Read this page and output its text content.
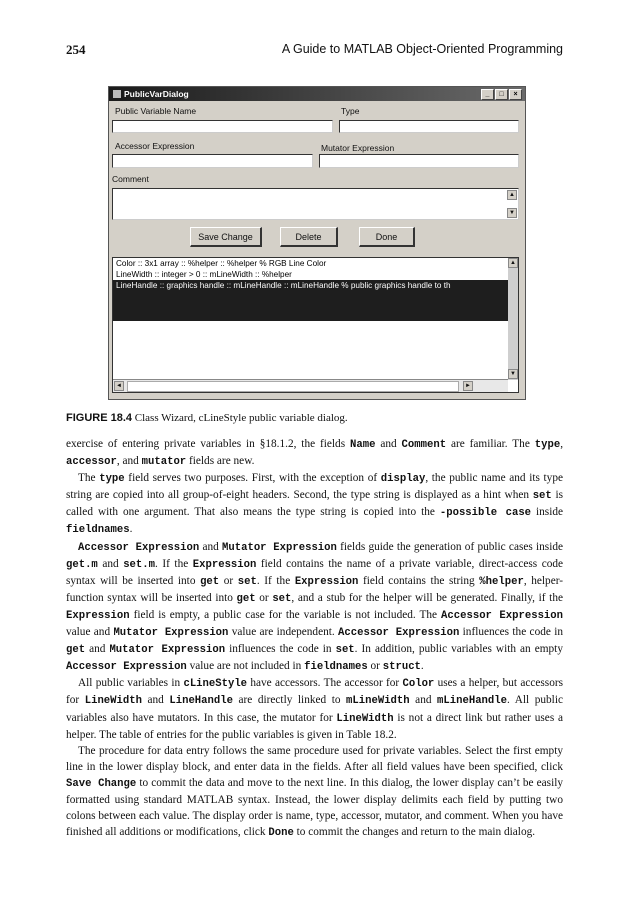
254	A Guide to MATLAB Object-Oriented Programming
PublicVarDialog	_	□	×
Public Variable Name	Type
Accessor Expression	Mutator Expression
Comment
▲
▼
Save Change	Delete	Done
Color :: 3x1 array :: %helper :: %helper % RGB Line Color
LineWidth :: integer > 0 :: mLineWidth :: %helper
LineHandle :: graphics handle :: mLineHandle :: mLineHandle % public graphics handle to th
▲
▼
◄	►
FIGURE 18.4 Class Wizard, cLineStyle public variable dialog.

exercise of entering private variables in §18.1.2, the fields Name and Comment are familiar. The type, accessor, and mutator fields are new.

The type field serves two purposes. First, with the exception of display, the public name and its type string are copied into all group-of-eight headers. Second, the type string is displayed as a hint when set is called with one argument. That also means the type string is copied into the -possible case inside fieldnames.

Accessor Expression and Mutator Expression fields guide the generation of public cases inside get.m and set.m. If the Expression field contains the name of a private variable, direct-access code syntax will be inserted into get or set. If the Expression field contains the string %helper, helper-function syntax will be inserted into get or set, and a stub for the helper will be generated. Finally, if the Expression field is empty, a public case for the variable is not included. The Accessor Expression value and Mutator Expression value are independent. Accessor Expression influences the code in get and Mutator Expression influences the code in set. In addition, public variables with an empty Accessor Expression value are not included in fieldnames or struct.

All public variables in cLineStyle have accessors. The accessor for Color uses a helper, but accessors for LineWidth and LineHandle are directly linked to mLineWidth and mLineHandle. All public variables also have mutators. In this case, the mutator for LineWidth is not a direct link but rather uses a helper. The table of entries for the public variables is given in Table 18.2.

The procedure for data entry follows the same procedure used for private variables. Select the first empty line in the lower display block, and enter data in the fields. After all field values have been specified, click Save Change to commit the data and move to the next line. In this dialog, the lower display can’t be easily formatted using standard MATLAB syntax. Instead, the lower display delimits each field by putting two colons between each value. The display order is name, type, accessor, mutator, and comment. When you have finished all additions or modifications, click Done to commit the changes and return to the main dialog.
